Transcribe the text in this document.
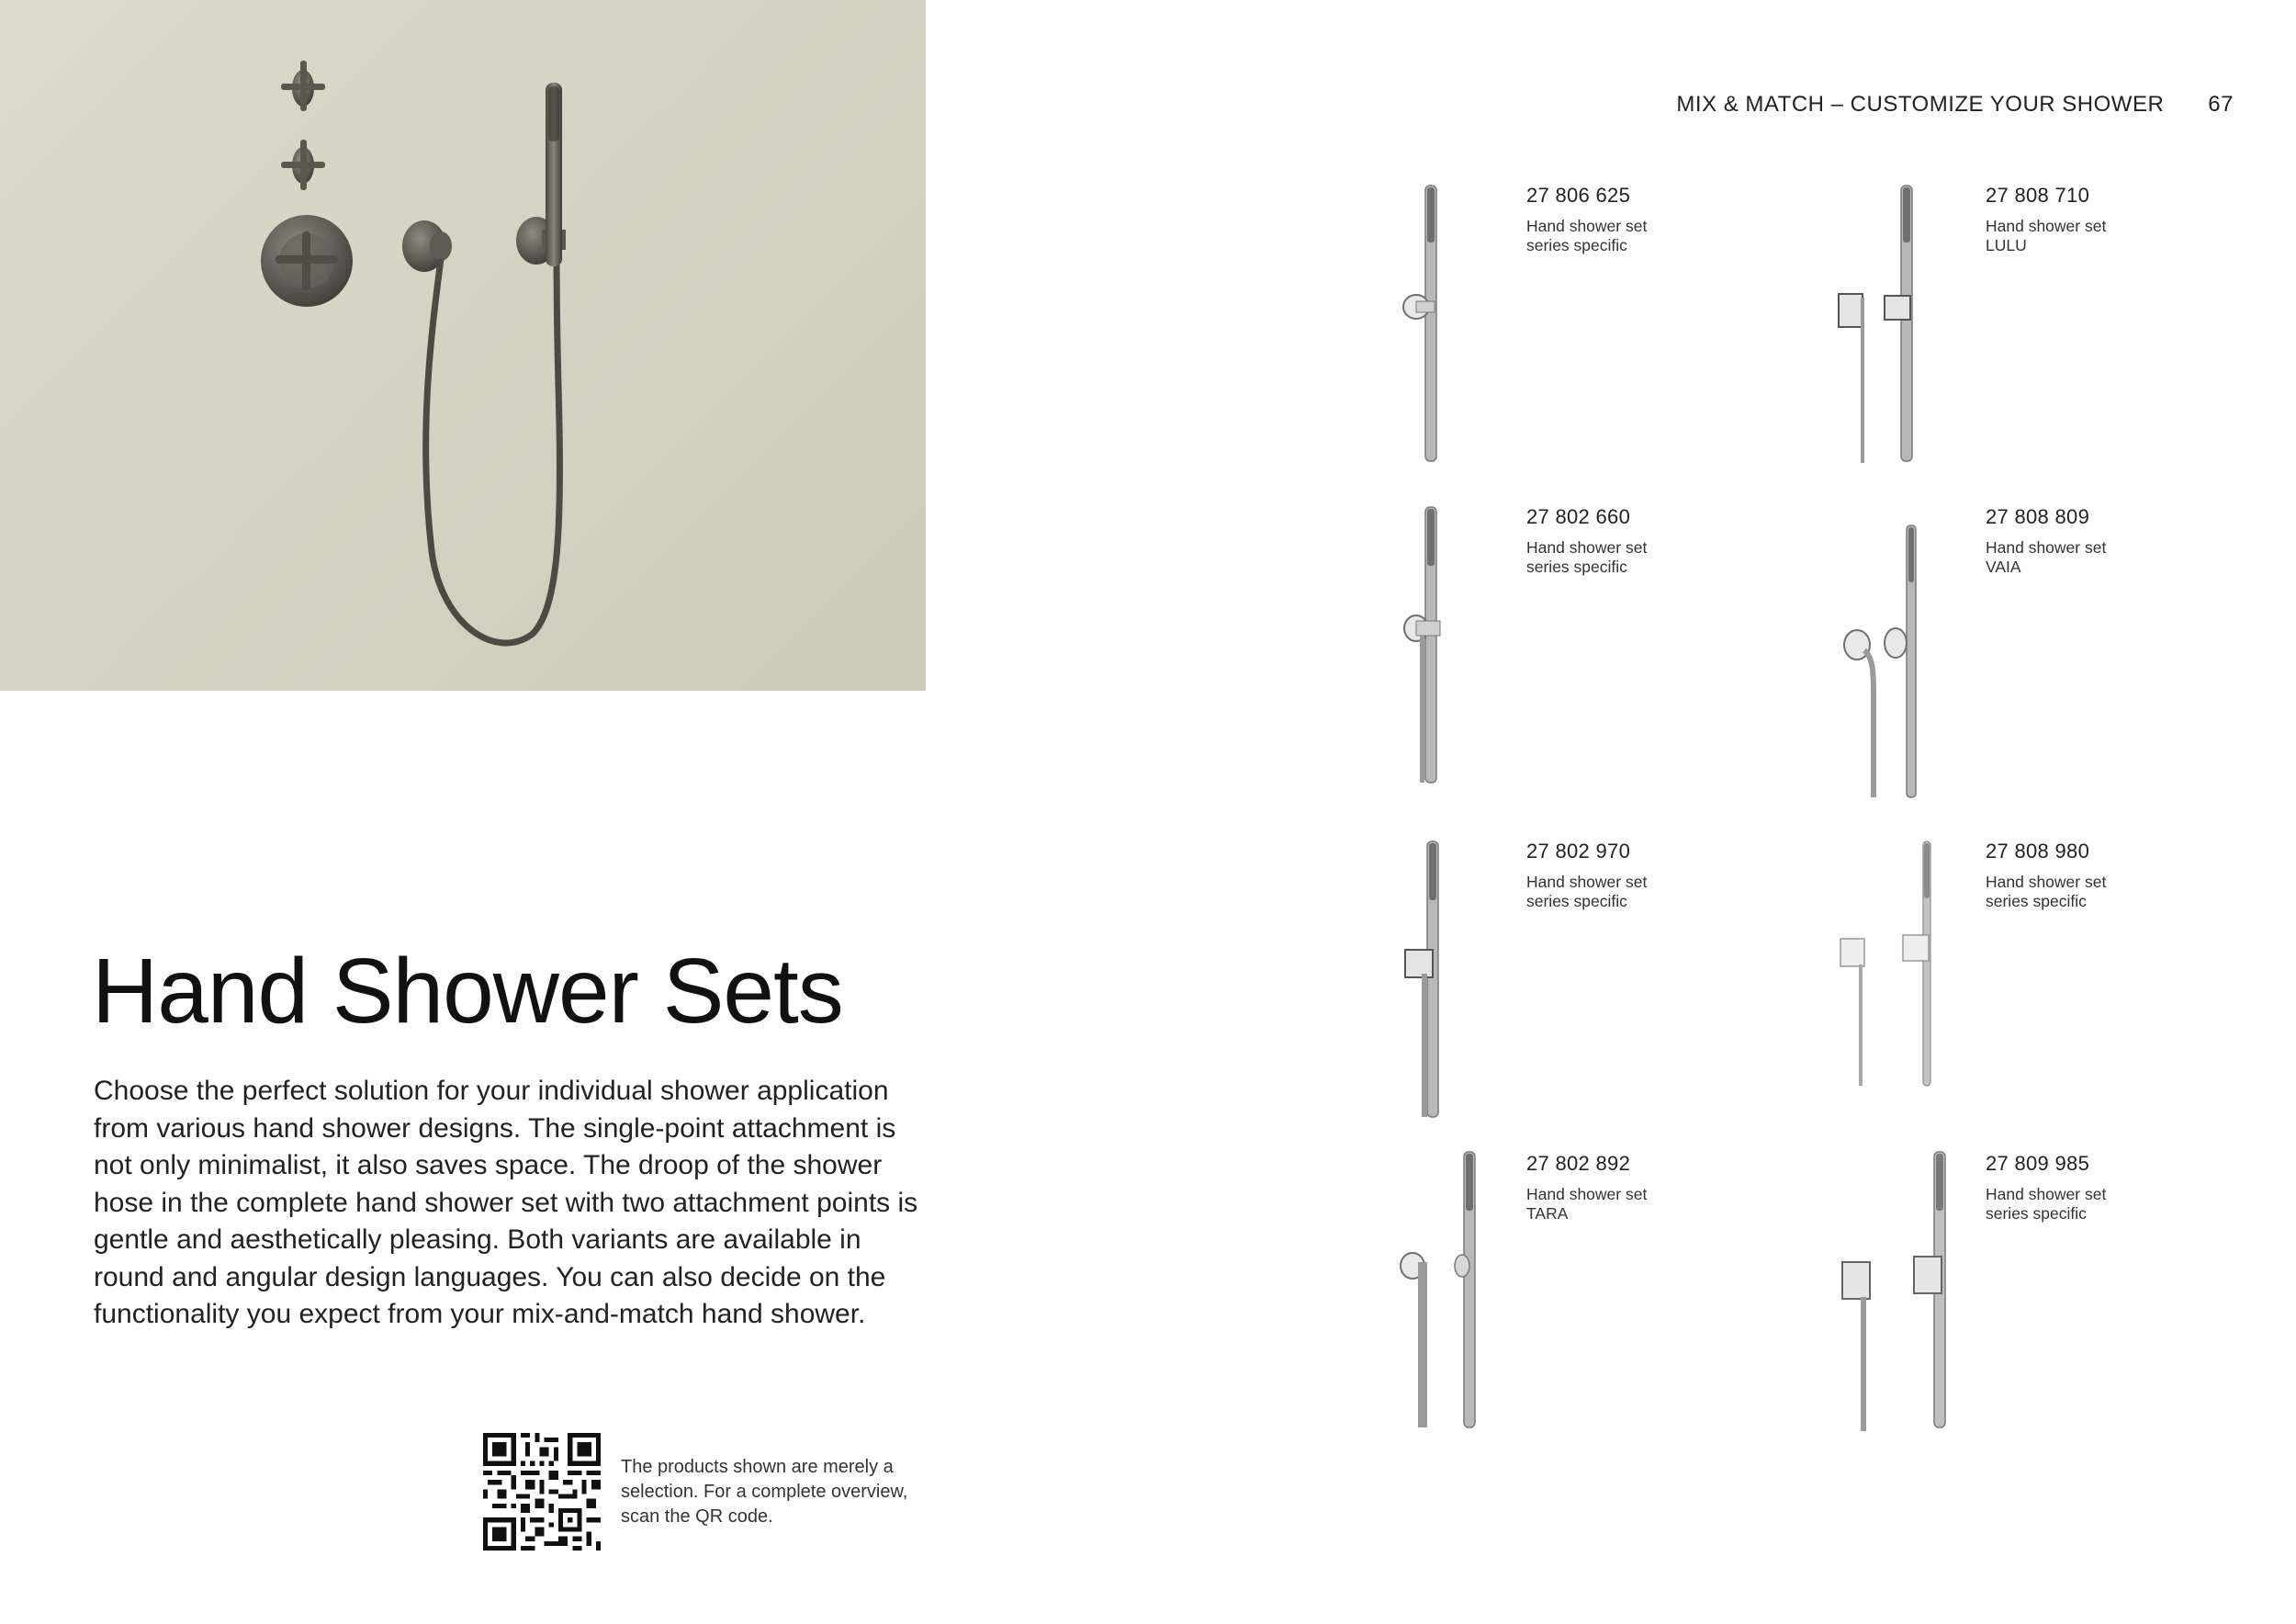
MIX & MATCH – CUSTOMIZE YOUR SHOWER 67
Hand Shower Sets

Choose the perfect solution for your individual shower application from various hand shower designs. The single-point attachment is not only minimalist, it also saves space. The droop of the shower hose in the complete hand shower set with two attachment points is gentle and aesthetically pleasing. Both variants are available in round and angular design languages. You can also decide on the functionality you expect from your mix-and-match hand shower.

The products shown are merely a selection. For a complete overview, scan the QR code.

27 806 625
Hand shower set
series specific
27 802 660
Hand shower set
series specific
27 802 970
Hand shower set
series specific
27 802 892
Hand shower set
TARA
27 808 710
Hand shower set
LULU
27 808 809
Hand shower set
VAIA
27 808 980
Hand shower set
series specific
27 809 985
Hand shower set
series specific
